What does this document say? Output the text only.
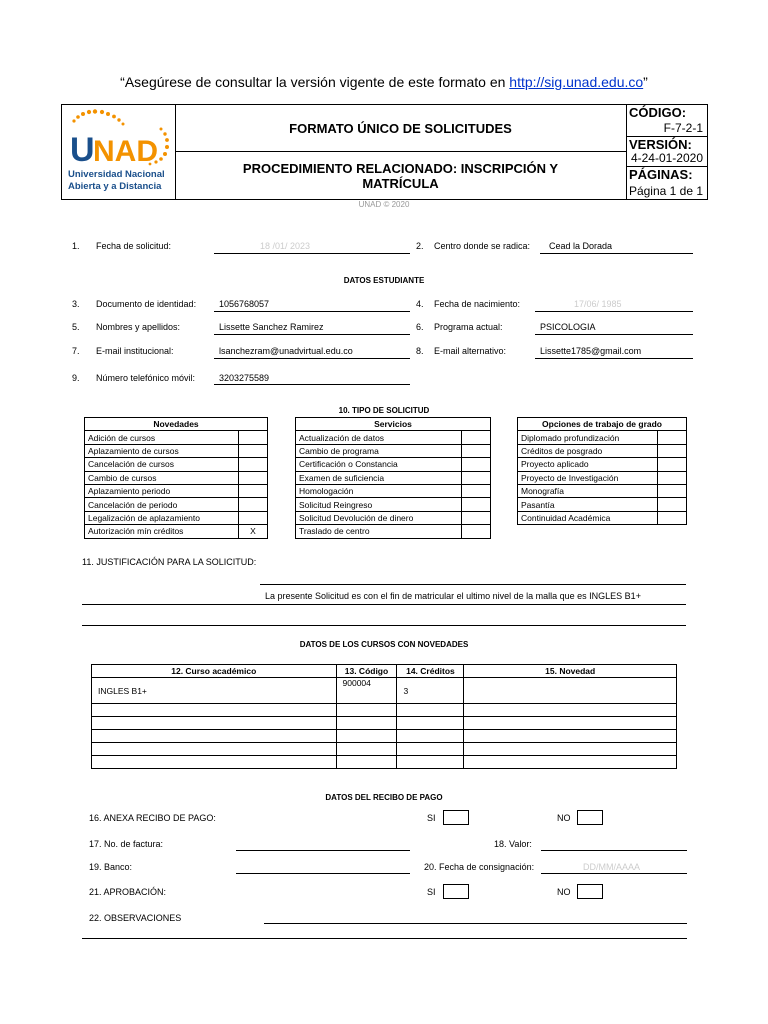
“Asegúrese de consultar la versión vigente de este formato en http://sig.unad.edu.co”
U
NAD
Universidad Nacional
Abierta y a Distancia
FORMATO ÚNICO DE SOLICITUDES
PROCEDIMIENTO RELACIONADO: INSCRIPCIÓN Y MATRÍCULA
CÓDIGO:
F-7-2-1
VERSIÓN:
4-24-01-2020
PÁGINAS:
Página 1 de 1
UNAD © 2020
1. Fecha de solicitud:	18 /01/ 2023	2. Centro donde se radica: Cead la Dorada
DATOS ESTUDIANTE
3. Documento de identidad:	1056768057	4. Fecha de nacimiento:	17/06/ 1985
5. Nombres y apellidos:	Lissette Sanchez Ramirez	6. Programa actual:	PSICOLOGIA
7. E-mail institucional:	lsanchezram@unadvirtual.edu.co	8. E-mail alternativo:	Lissette1785@gmail.com
9. Número telefónico móvil:	3203275589
10. TIPO DE SOLICITUD
Novedades	
Adición de cursos	
Aplazamiento de cursos	
Cancelación de cursos	
Cambio de cursos	
Aplazamiento periodo	
Cancelación de periodo	
Legalización de aplazamiento	
Autorización mín créditos	X
Servicios	
Actualización de datos	
Cambio de programa	
Certificación o Constancia	
Examen de suficiencia	
Homologación	
Solicitud Reingreso	
Solicitud Devolución de dinero	
Traslado de centro	
Opciones de trabajo de grado	
Diplomado profundización	
Créditos de posgrado	
Proyecto aplicado	
Proyecto de Investigación	
Monografía	
Pasantía	
Continuidad Académica	
11. JUSTIFICACIÓN PARA LA SOLICITUD:
La presente Solicitud es con el fin de matricular el ultimo nivel de la malla que es INGLES B1+
DATOS DE LOS CURSOS CON NOVEDADES
12. Curso académico	13. Código	14. Créditos	15. Novedad
INGLES B1+	900004	3	

DATOS DEL RECIBO DE PAGO
16. ANEXA RECIBO DE PAGO:	SI	NO
17. No. de factura:	18. Valor:
19. Banco:	20. Fecha de consignación:	DD/MM/AAAA
21. APROBACIÓN:	SI	NO
22. OBSERVACIONES
